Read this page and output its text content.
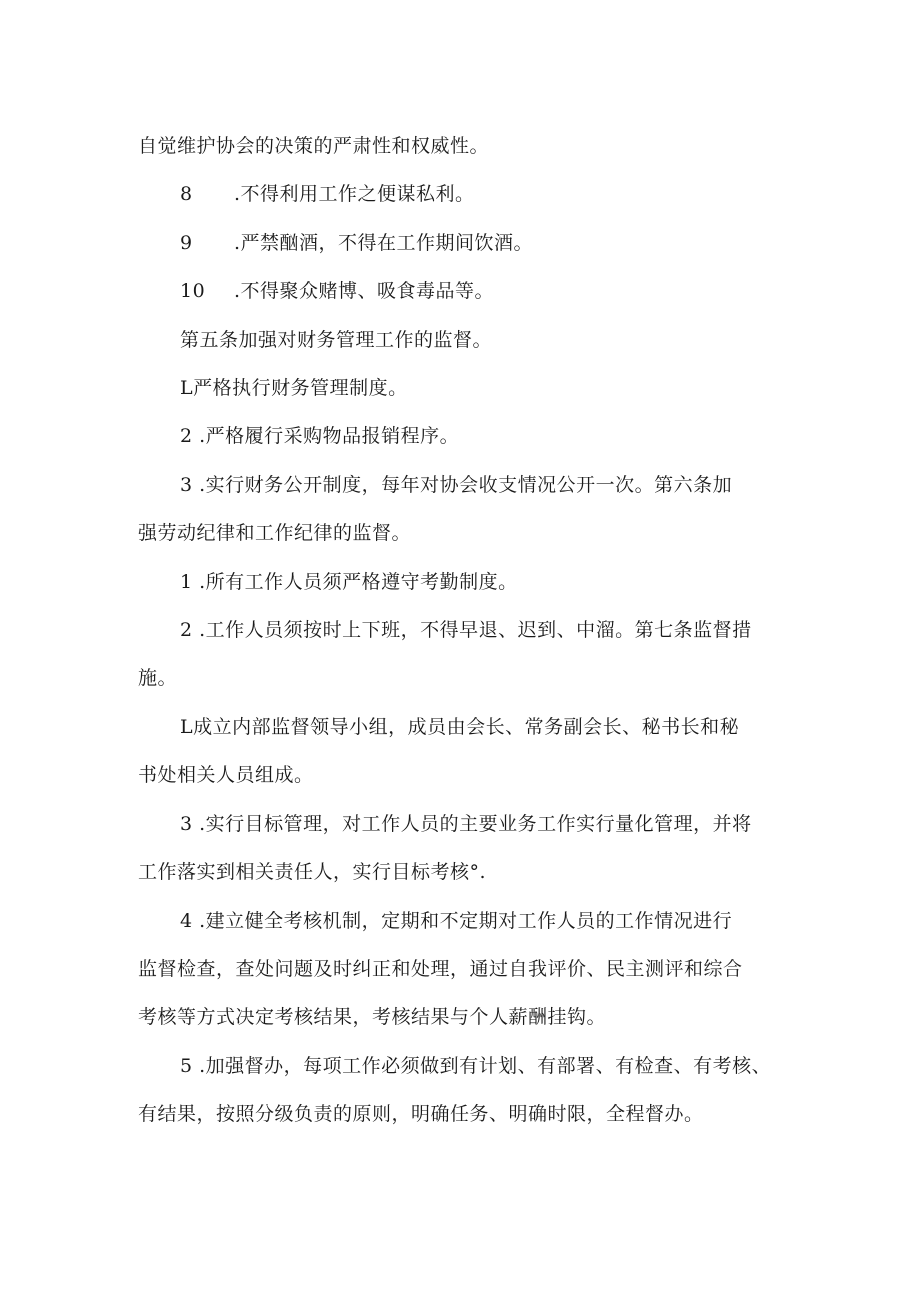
自觉维护协会的决策的严肃性和权威性。

8 .不得利用工作之便谋私利。

9 .严禁酗酒，不得在工作期间饮酒。

10 .不得聚众赌博、吸食毒品等。

第五条加强对财务管理工作的监督。

L严格执行财务管理制度。

2 .严格履行采购物品报销程序。

3 .实行财务公开制度，每年对协会收支情况公开一次。第六条加

强劳动纪律和工作纪律的监督。

1 .所有工作人员须严格遵守考勤制度。

2 .工作人员须按时上下班，不得早退、迟到、中溜。第七条监督措

施。

L成立内部监督领导小组，成员由会长、常务副会长、秘书长和秘

书处相关人员组成。

3 .实行目标管理，对工作人员的主要业务工作实行量化管理，并将

工作落实到相关责任人，实行目标考核°.

4 .建立健全考核机制，定期和不定期对工作人员的工作情况进行

监督检查，查处问题及时纠正和处理，通过自我评价、民主测评和综合

考核等方式决定考核结果，考核结果与个人薪酬挂钩。

5 .加强督办，每项工作必须做到有计划、有部署、有检查、有考核、

有结果，按照分级负责的原则，明确任务、明确时限，全程督办。
